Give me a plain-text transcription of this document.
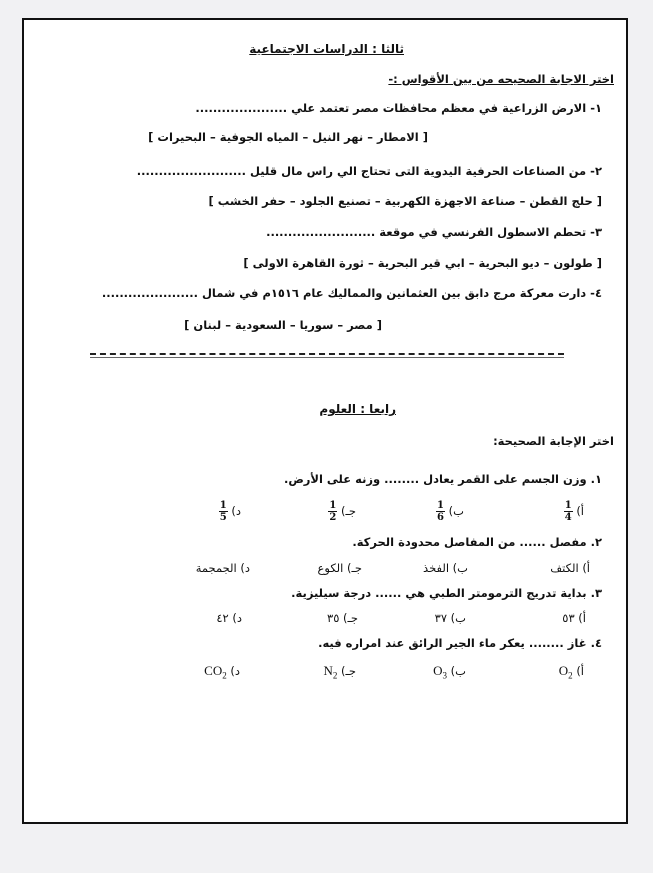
ثالثا : الدراسات الاجتماعية
اختر الاجابة الصحيحه من بين الأقواس :-
١- الارض الزراعية في معظم محافظات مصر تعتمد علي .....................
[ الامطار – نهر النيل – المياه الجوفية – البحيرات ]
٢- من الصناعات الحرفية اليدوية التى تحتاج الي راس مال قليل .........................
[ حلج القطن – صناعة الاجهزة الكهربية – تصنيع الجلود – حفر الخشب ]
٣- تحطم الاسطول الفرنسي في موقعة .........................
[ طولون – ديو البحرية – ابي قير البحرية – ثورة القاهرة الاولى ]
٤- دارت معركة مرج دابق بين العثمانين والمماليك عام ١٥١٦م في شمال ......................
[ مصر – سوريا – السعودية – لبنان ]
رابعا : العلوم
اختر الإجابة الصحيحة:
١. وزن الجسم على القمر يعادل ........ وزنه على الأرض.
أ)
$\frac{1}{4}$
ب)
$\frac{1}{6}$
جـ)
$\frac{1}{2}$
د)
$\frac{1}{5}$
٢. مفصل ...... من المفاصل محدودة الحركة.
أ) الكتف
ب) الفخذ
جـ) الكوع
د) الجمجمة
٣. بداية تدريج الترمومتر الطبي هي ...... درجة سيليزية.
أ) ٥٣
ب) ٣٧
جـ) ٣٥
د) ٤٢
٤. غاز ........ يعكر ماء الجير الرائق عند امراره فيه.
أ) $O_2$
ب) $O_3$
جـ) $N_2$
د) $CO_2$
